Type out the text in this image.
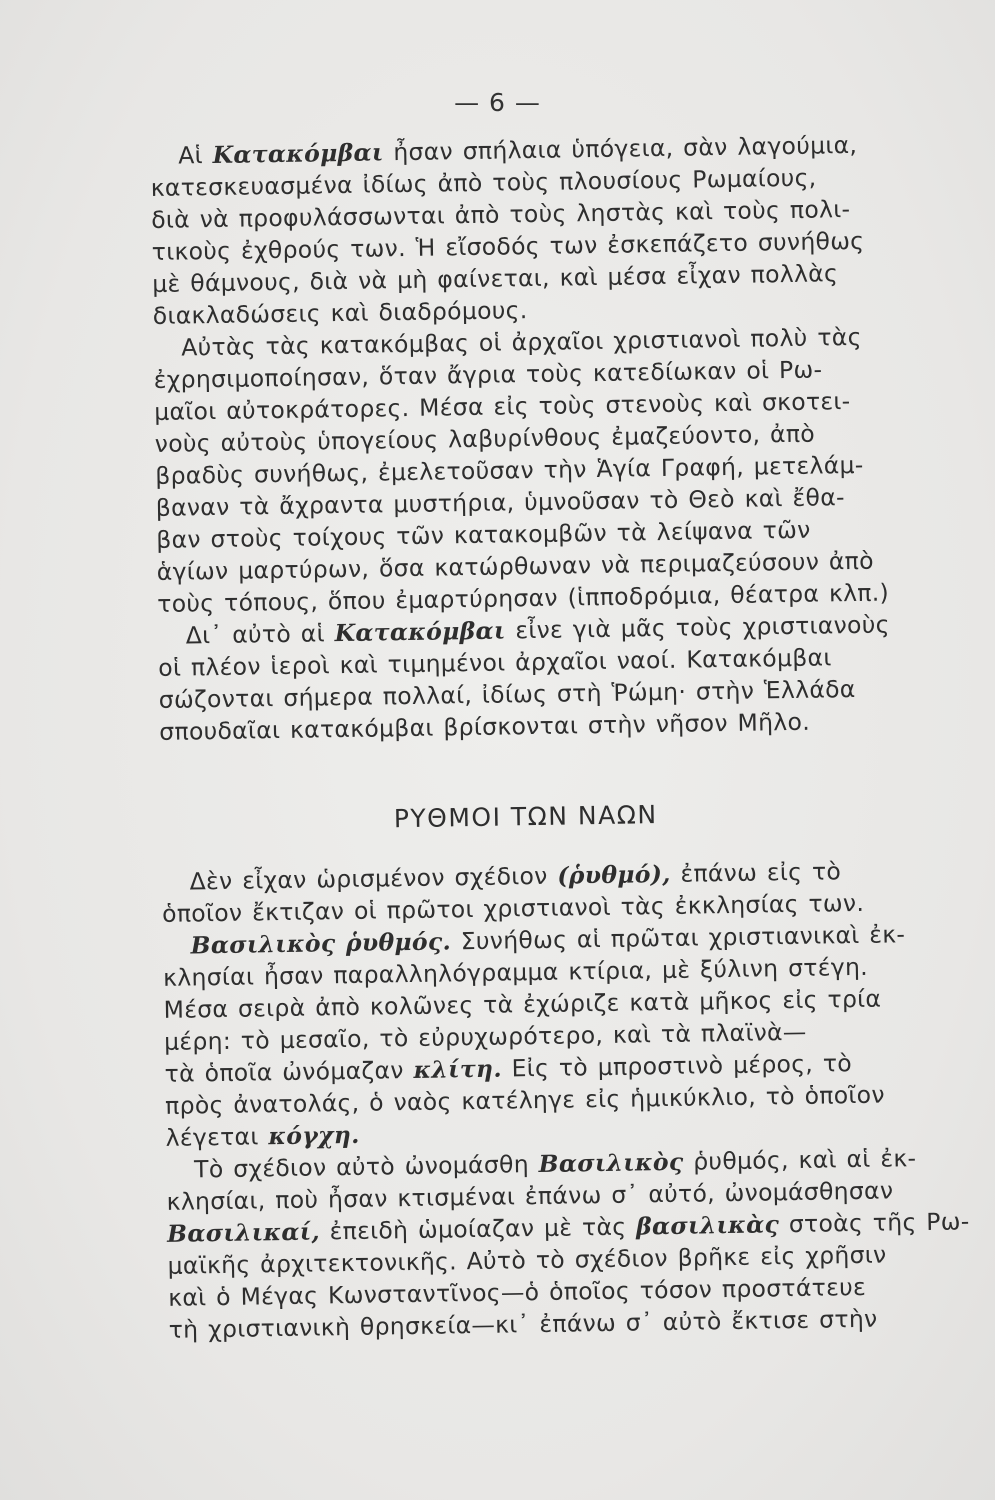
— 6 —
Αἱ Κατακόμβαι ἦσαν σπήλαια ὑπόγεια, σὰν λαγούμια,
κατεσκευασμένα ἰδίως ἀπὸ τοὺς πλουσίους Ρωμαίους,
διὰ νὰ προφυλάσσωνται ἀπὸ τοὺς ληστὰς καὶ τοὺς πολι-
τικοὺς ἐχθρούς των. Ἡ εἴσοδός των ἐσκεπάζετο συνήθως
μὲ θάμνους, διὰ νὰ μὴ φαίνεται, καὶ μέσα εἶχαν πολλὰς
διακλαδώσεις καὶ διαδρόμους.
Αὐτὰς τὰς κατακόμβας οἱ ἀρχαῖοι χριστιανοὶ πολὺ τὰς
ἐχρησιμοποίησαν, ὅταν ἄγρια τοὺς κατεδίωκαν οἱ Ρω-
μαῖοι αὐτοκράτορες. Μέσα εἰς τοὺς στενοὺς καὶ σκοτει-
νοὺς αὐτοὺς ὑπογείους λαβυρίνθους ἐμαζεύοντο, ἀπὸ
βραδὺς συνήθως, ἐμελετοῦσαν τὴν Ἁγία Γραφή, μετελάμ-
βαναν τὰ ἄχραντα μυστήρια, ὑμνοῦσαν τὸ Θεὸ καὶ ἔθα-
βαν στοὺς τοίχους τῶν κατακομβῶν τὰ λείψανα τῶν
ἁγίων μαρτύρων, ὅσα κατώρθωναν νὰ περιμαζεύσουν ἀπὸ
τοὺς τόπους, ὅπου ἐμαρτύρησαν (ἱπποδρόμια, θέατρα κλπ.)
Δι᾽ αὐτὸ αἱ Κατακόμβαι εἶνε γιὰ μᾶς τοὺς χριστιανοὺς
οἱ πλέον ἱεροὶ καὶ τιμημένοι ἀρχαῖοι ναοί. Κατακόμβαι
σώζονται σήμερα πολλαί, ἰδίως στὴ Ῥώμη· στὴν Ἑλλάδα
σπουδαῖαι κατακόμβαι βρίσκονται στὴν νῆσον Μῆλο.
ΡΥΘΜΟΙ ΤΩΝ ΝΑΩΝ
Δὲν εἶχαν ὡρισμένον σχέδιον (ῥυθμό), ἐπάνω εἰς τὸ
ὁποῖον ἔκτιζαν οἱ πρῶτοι χριστιανοὶ τὰς ἐκκλησίας των.
Βασιλικὸς ῥυθμός. Συνήθως αἱ πρῶται χριστιανικαὶ ἐκ-
κλησίαι ἦσαν παραλληλόγραμμα κτίρια, μὲ ξύλινη στέγη.
Μέσα σειρὰ ἀπὸ κολῶνες τὰ ἐχώριζε κατὰ μῆκος εἰς τρία
μέρη: τὸ μεσαῖο, τὸ εὐρυχωρότερο, καὶ τὰ πλαϊνὰ—
τὰ ὁποῖα ὠνόμαζαν κλίτη. Εἰς τὸ μπροστινὸ μέρος, τὸ
πρὸς ἀνατολάς, ὁ ναὸς κατέληγε εἰς ἡμικύκλιο, τὸ ὁποῖον
λέγεται κόγχη.
Τὸ σχέδιον αὐτὸ ὠνομάσθη Βασιλικὸς ῥυθμός, καὶ αἱ ἐκ-
κλησίαι, ποὺ ἦσαν κτισμέναι ἐπάνω σ᾽ αὐτό, ὠνομάσθησαν
Βασιλικαί, ἐπειδὴ ὡμοίαζαν μὲ τὰς βασιλικὰς στοὰς τῆς Ρω-
μαϊκῆς ἀρχιτεκτονικῆς. Αὐτὸ τὸ σχέδιον βρῆκε εἰς χρῆσιν
καὶ ὁ Μέγας Κωνσταντῖνος—ὁ ὁποῖος τόσον προστάτευε
τὴ χριστιανικὴ θρησκεία—κι᾽ ἐπάνω σ᾽ αὐτὸ ἔκτισε στὴν
